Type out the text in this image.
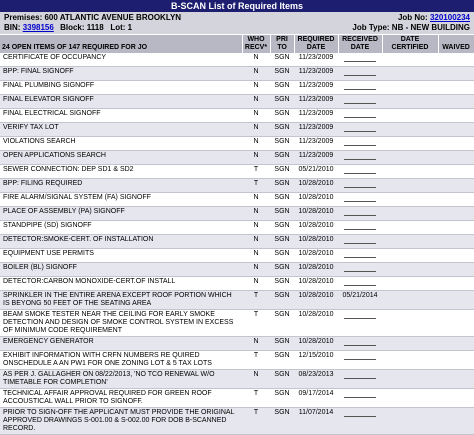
B-SCAN List of Required Items
Premises: 600 ATLANTIC AVENUE BROOKLYN
BIN: 3398156 Block: 1118   Lot: 1
Job No: 320100234
Job Type: NB - NEW BUILDING
24 OPEN ITEMS OF 147 REQUIRED FOR JO	WHO RECV*	PRI TO	REQUIRED DATE	RECEIVED DATE	DATE CERTIFIED	WAIVED
CERTIFICATE OF OCCUPANCY	N	SGN	11/23/2009			
BPP: FINAL SIGNOFF	N	SGN	11/23/2009			
FINAL PLUMBING SIGNOFF	N	SGN	11/23/2009			
FINAL ELEVATOR SIGNOFF	N	SGN	11/23/2009			
FINAL ELECTRICAL SIGNOFF	N	SGN	11/23/2009			
VERIFY TAX LOT	N	SGN	11/23/2009			
VIOLATIONS SEARCH	N	SGN	11/23/2009			
OPEN APPLICATIONS SEARCH	N	SGN	11/23/2009			
SEWER CONNECTION: DEP SD1 & SD2	T	SGN	05/21/2010			
BPP: FILING REQUIRED	T	SGN	10/28/2010			
FIRE ALARM/SIGNAL SYSTEM (FA) SIGNOFF	N	SGN	10/28/2010			
PLACE OF ASSEMBLY (PA) SIGNOFF	N	SGN	10/28/2010			
STANDPIPE (SD) SIGNOFF	N	SGN	10/28/2010			
DETECTOR:SMOKE-CERT. OF INSTALLATION	N	SGN	10/28/2010			
EQUIPMENT USE PERMITS	N	SGN	10/28/2010			
BOILER (BL) SIGNOFF	N	SGN	10/28/2010			
DETECTOR:CARBON MONOXIDE-CERT.OF INSTALL	N	SGN	10/28/2010			
SPRINKLER IN THE ENTIRE ARENA EXCEPT ROOF PORTION WHICH IS BEYONG 50 FEET OF THE SEATING AREA	T	SGN	10/28/2010	05/21/2014		
BEAM SMOKE TESTER NEAR THE CEILING FOR EARLY SMOKE DETECTION AND DESIGN OF SMOKE CONTROL SYSTEM IN EXCESS OF MINIMUM CODE REQUIREMENT	T	SGN	10/28/2010			
EMERGENCY GENERATOR	N	SGN	10/28/2010			
EXHIBIT INFORMATION WITH CRFN NUMBERS RE QUIRED ONSCHEDULE A AN PW1 FOR ONE ZONING LOT & 5 TAX LOTS	T	SGN	12/15/2010			
AS PER J. GALLAGHER ON 08/22/2013, 'NO TCO RENEWAL W/O TIMETABLE FOR COMPLETION'	N	SGN	08/23/2013			
TECHNICAL AFFAIR APPROVAL REQUIRED FOR GREEN ROOF ACCOUSTICAL WALL PRIOR TO SIGNOFF.	T	SGN	09/17/2014			
PRIOR TO SIGN-OFF THE APPLICANT MUST PROVIDE THE ORIGINAL APPROVED DRAWINGS S-001.00 & S-002.00 FOR DOB B-SCANNED RECORD.	T	SGN	11/07/2014			
